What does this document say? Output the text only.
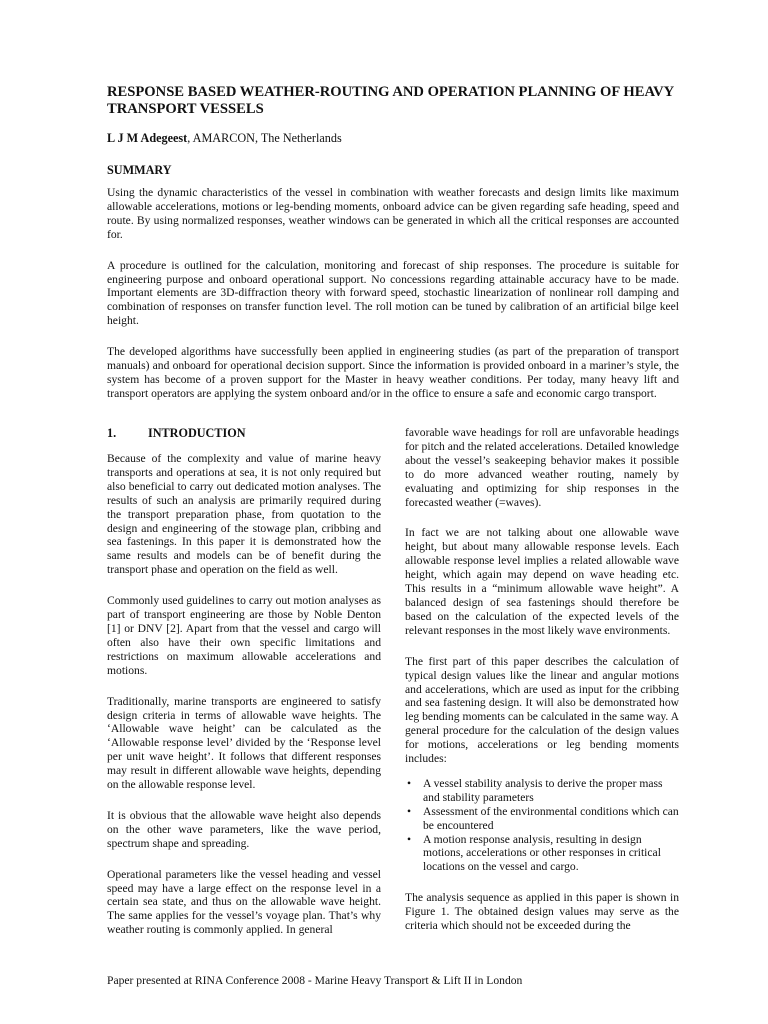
RESPONSE BASED WEATHER-ROUTING AND OPERATION PLANNING OF HEAVY TRANSPORT VESSELS
L J M Adegeest, AMARCON, The Netherlands
SUMMARY

Using the dynamic characteristics of the vessel in combination with weather forecasts and design limits like maximum allowable accelerations, motions or leg-bending moments, onboard advice can be given regarding safe heading, speed and route. By using normalized responses, weather windows can be generated in which all the critical responses are accounted for.

A procedure is outlined for the calculation, monitoring and forecast of ship responses. The procedure is suitable for engineering purpose and onboard operational support. No concessions regarding attainable accuracy have to be made. Important elements are 3D-diffraction theory with forward speed, stochastic linearization of nonlinear roll damping and combination of responses on transfer function level. The roll motion can be tuned by calibration of an artificial bilge keel height.

The developed algorithms have successfully been applied in engineering studies (as part of the preparation of transport manuals) and onboard for operational decision support. Since the information is provided onboard in a mariner’s style, the system has become of a proven support for the Master in heavy weather conditions. Per today, many heavy lift and transport operators are applying the system onboard and/or in the office to ensure a safe and economic cargo transport.

1.	INTRODUCTION

Because of the complexity and value of marine heavy transports and operations at sea, it is not only required but also beneficial to carry out dedicated motion analyses. The results of such an analysis are primarily required during the transport preparation phase, from quotation to the design and engineering of the stowage plan, cribbing and sea fastenings. In this paper it is demonstrated how the same results and models can be of benefit during the transport phase and operation on the field as well.

Commonly used guidelines to carry out motion analyses as part of transport engineering are those by Noble Denton [1] or DNV [2]. Apart from that the vessel and cargo will often also have their own specific limitations and restrictions on maximum allowable accelerations and motions.

Traditionally, marine transports are engineered to satisfy design criteria in terms of allowable wave heights. The ‘Allowable wave height’ can be calculated as the ‘Allowable response level’ divided by the ‘Response level per unit wave height’. It follows that different responses may result in different allowable wave heights, depending on the allowable response level.

It is obvious that the allowable wave height also depends on the other wave parameters, like the wave period, spectrum shape and spreading.

Operational parameters like the vessel heading and vessel speed may have a large effect on the response level in a certain sea state, and thus on the allowable wave height. The same applies for the vessel’s voyage plan. That’s why weather routing is commonly applied. In general

favorable wave headings for roll are unfavorable headings for pitch and the related accelerations. Detailed knowledge about the vessel’s seakeeping behavior makes it possible to do more advanced weather routing, namely by evaluating and optimizing for ship responses in the forecasted weather (=waves).

In fact we are not talking about one allowable wave height, but about many allowable response levels. Each allowable response level implies a related allowable wave height, which again may depend on wave heading etc. This results in a “minimum allowable wave height”. A balanced design of sea fastenings should therefore be based on the calculation of the expected levels of the relevant responses in the most likely wave environments.

The first part of this paper describes the calculation of typical design values like the linear and angular motions and accelerations, which are used as input for the cribbing and sea fastening design. It will also be demonstrated how leg bending moments can be calculated in the same way. A general procedure for the calculation of the design values for motions, accelerations or leg bending moments includes:

• A vessel stability analysis to derive the proper mass and stability parameters
• Assessment of the environmental conditions which can be encountered
• A motion response analysis, resulting in design motions, accelerations or other responses in critical locations on the vessel and cargo.

The analysis sequence as applied in this paper is shown in Figure 1. The obtained design values may serve as the criteria which should not be exceeded during the

Paper presented at RINA Conference 2008 - Marine Heavy Transport & Lift II in London
